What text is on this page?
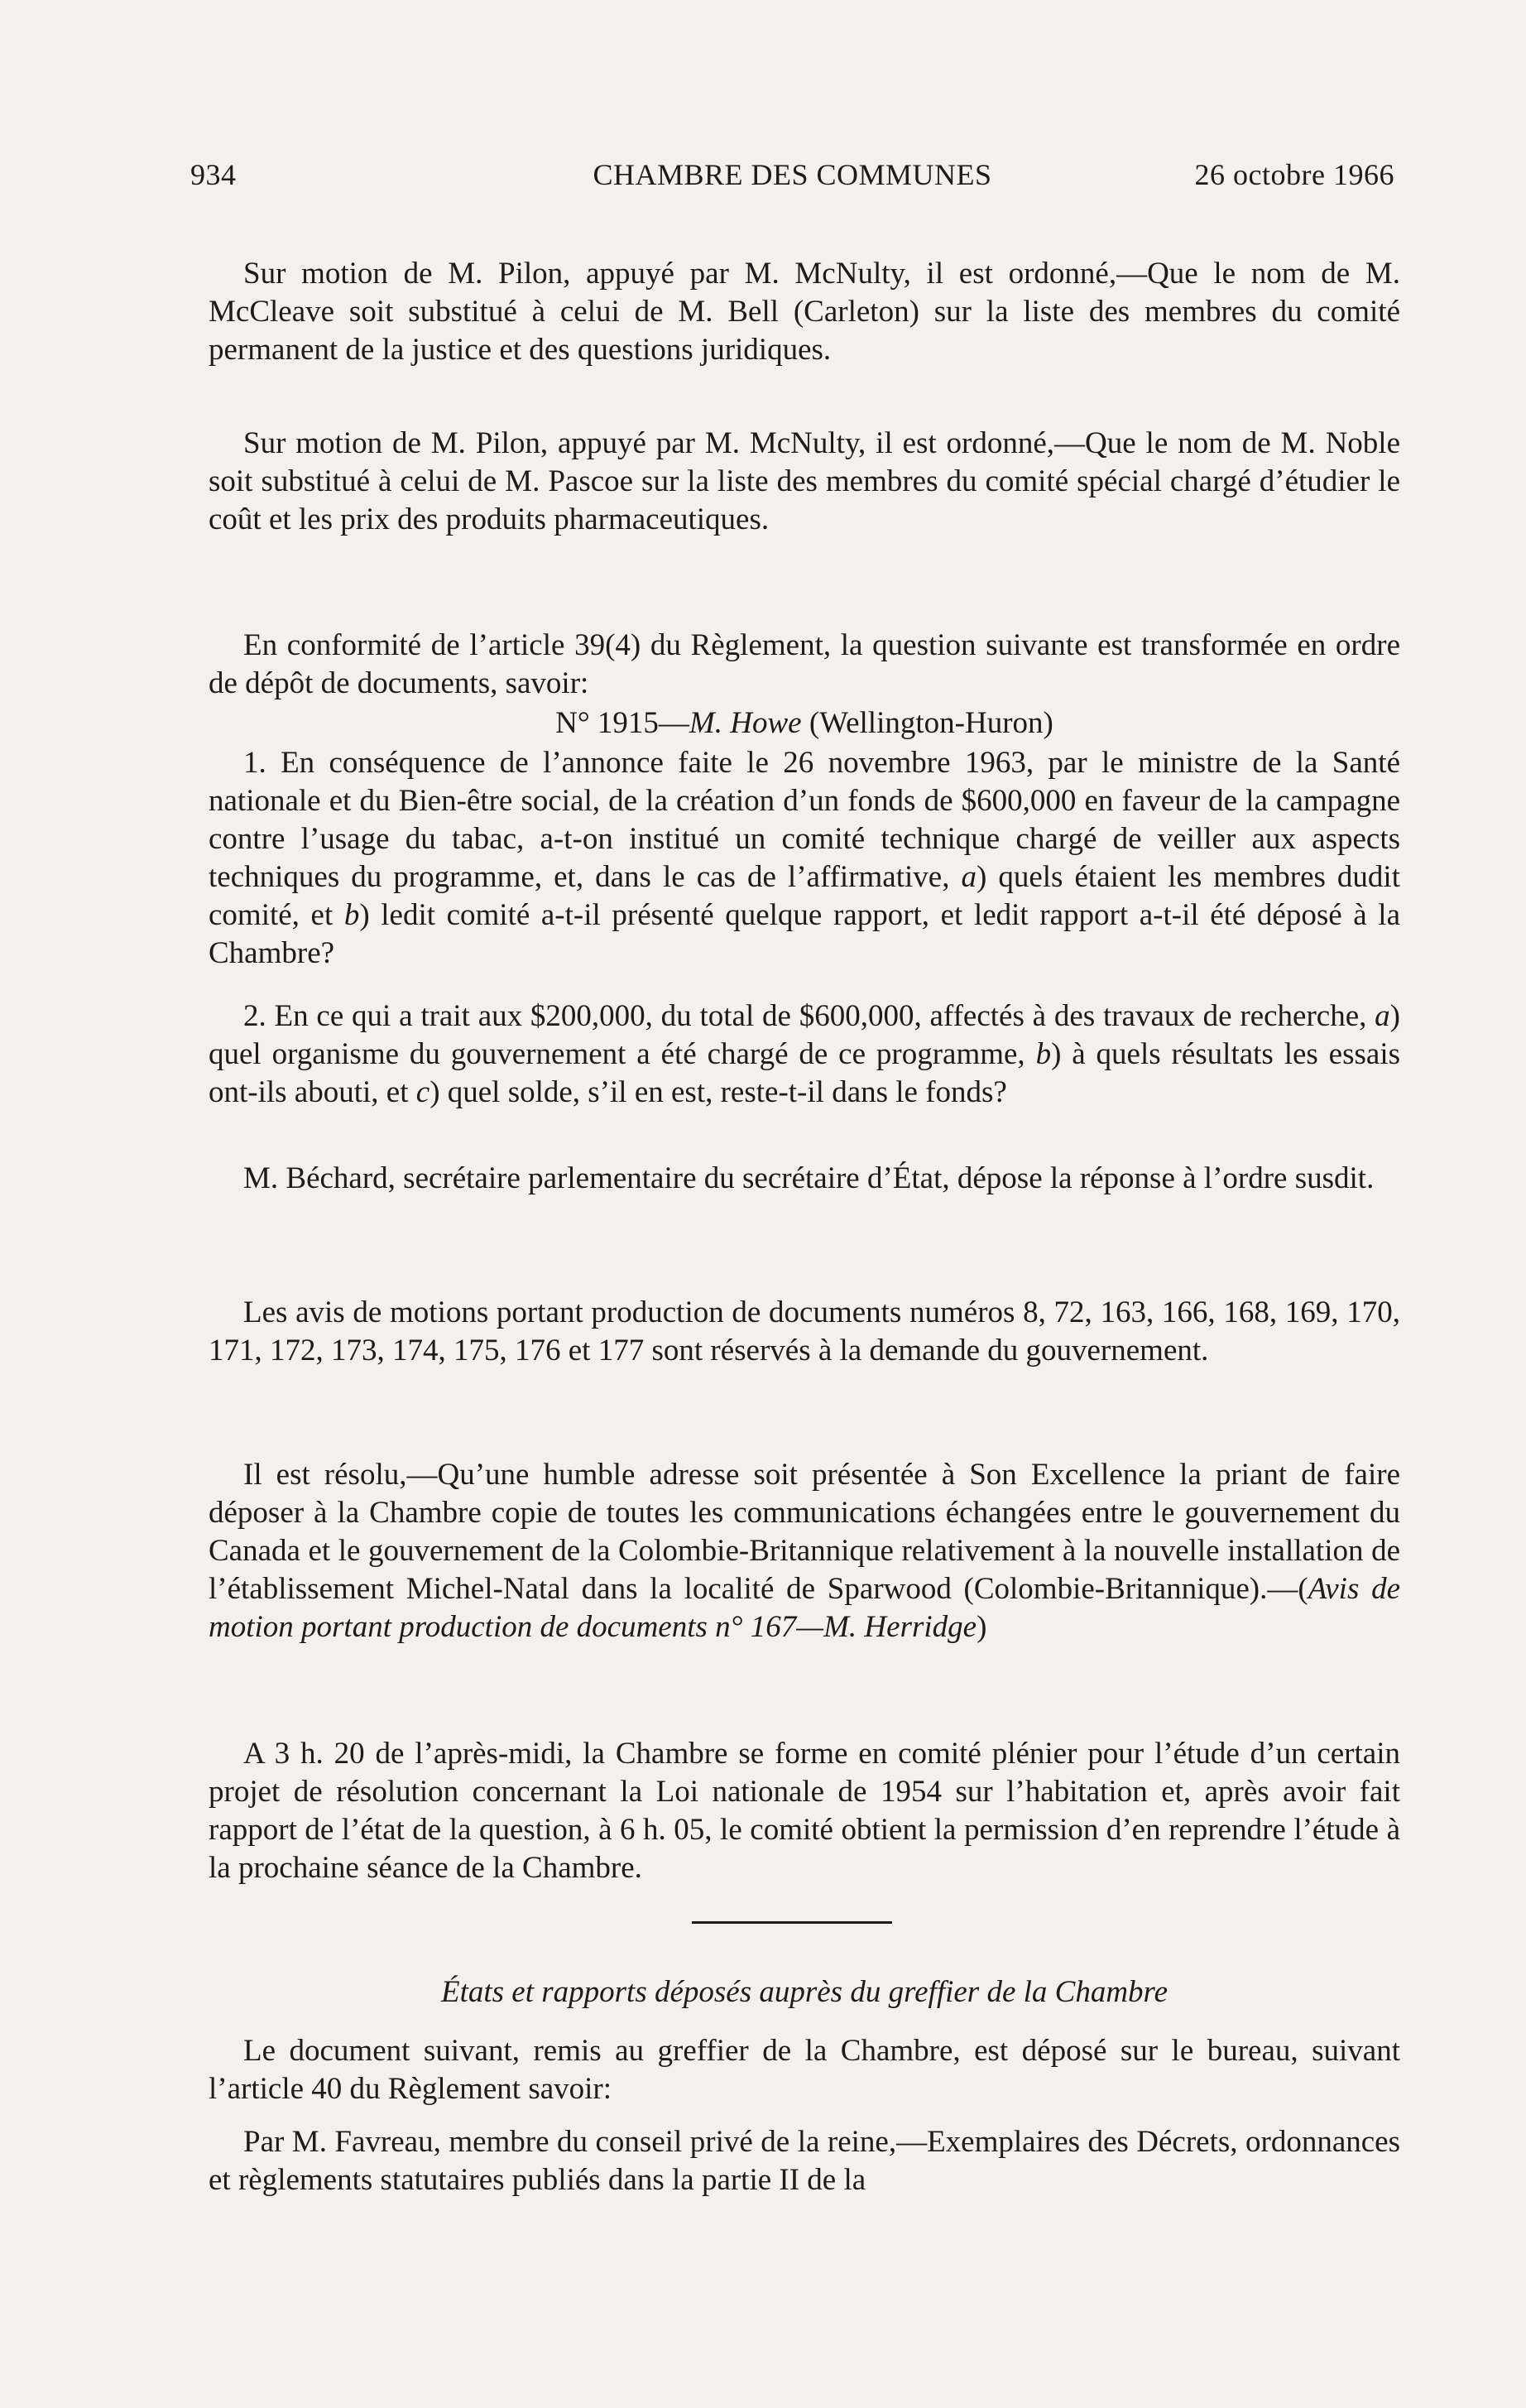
934	CHAMBRE DES COMMUNES	26 octobre 1966

Sur motion de M. Pilon, appuyé par M. McNulty, il est ordonné,—Que le nom de M. McCleave soit substitué à celui de M. Bell (Carleton) sur la liste des membres du comité permanent de la justice et des questions juridiques.

Sur motion de M. Pilon, appuyé par M. McNulty, il est ordonné,—Que le nom de M. Noble soit substitué à celui de M. Pascoe sur la liste des membres du comité spécial chargé d’étudier le coût et les prix des produits pharmaceutiques.

En conformité de l’article 39(4) du Règlement, la question suivante est transformée en ordre de dépôt de documents, savoir:

N° 1915—M. Howe (Wellington-Huron)

1. En conséquence de l’annonce faite le 26 novembre 1963, par le ministre de la Santé nationale et du Bien-être social, de la création d’un fonds de $600,000 en faveur de la campagne contre l’usage du tabac, a-t-on institué un comité technique chargé de veiller aux aspects techniques du programme, et, dans le cas de l’affirmative, a) quels étaient les membres dudit comité, et b) ledit comité a-t-il présenté quelque rapport, et ledit rapport a-t-il été déposé à la Chambre?

2. En ce qui a trait aux $200,000, du total de $600,000, affectés à des travaux de recherche, a) quel organisme du gouvernement a été chargé de ce programme, b) à quels résultats les essais ont-ils abouti, et c) quel solde, s’il en est, reste-t-il dans le fonds?

M. Béchard, secrétaire parlementaire du secrétaire d’État, dépose la réponse à l’ordre susdit.

Les avis de motions portant production de documents numéros 8, 72, 163, 166, 168, 169, 170, 171, 172, 173, 174, 175, 176 et 177 sont réservés à la demande du gouvernement.

Il est résolu,—Qu’une humble adresse soit présentée à Son Excellence la priant de faire déposer à la Chambre copie de toutes les communications échangées entre le gouvernement du Canada et le gouvernement de la Colombie-Britannique relativement à la nouvelle installation de l’établissement Michel-Natal dans la localité de Sparwood (Colombie-Britannique).—(Avis de motion portant production de documents n° 167—M. Herridge)

A 3 h. 20 de l’après-midi, la Chambre se forme en comité plénier pour l’étude d’un certain projet de résolution concernant la Loi nationale de 1954 sur l’habitation et, après avoir fait rapport de l’état de la question, à 6 h. 05, le comité obtient la permission d’en reprendre l’étude à la prochaine séance de la Chambre.

États et rapports déposés auprès du greffier de la Chambre

Le document suivant, remis au greffier de la Chambre, est déposé sur le bureau, suivant l’article 40 du Règlement savoir:

Par M. Favreau, membre du conseil privé de la reine,—Exemplaires des Décrets, ordonnances et règlements statutaires publiés dans la partie II de la
